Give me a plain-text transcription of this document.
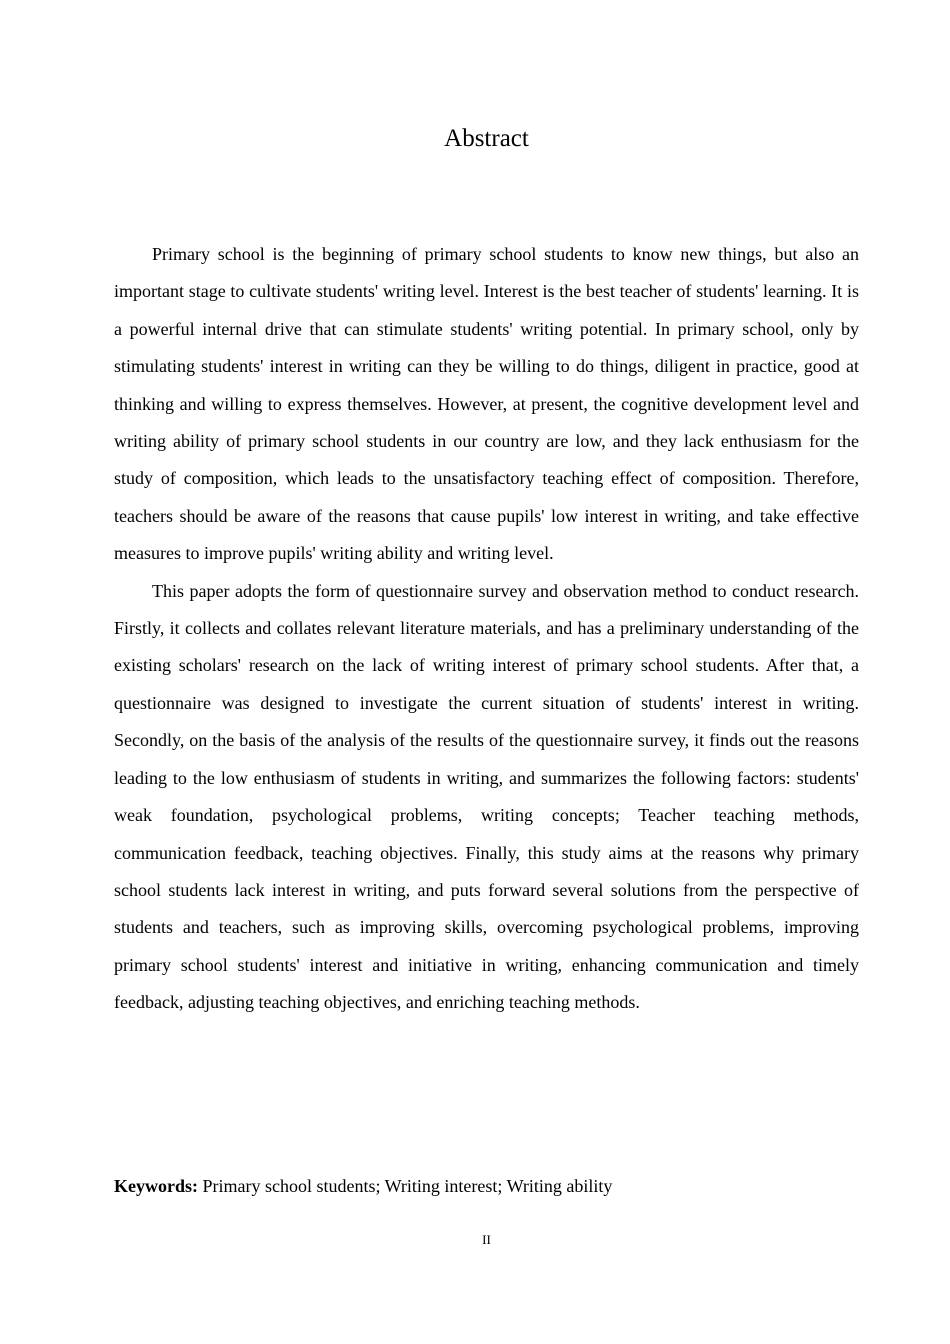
Abstract

Primary school is the beginning of primary school students to know new things, but also an important stage to cultivate students' writing level. Interest is the best teacher of students' learning. It is a powerful internal drive that can stimulate students' writing potential. In primary school, only by stimulating students' interest in writing can they be willing to do things, diligent in practice, good at thinking and willing to express themselves. However, at present, the cognitive development level and writing ability of primary school students in our country are low, and they lack enthusiasm for the study of composition, which leads to the unsatisfactory teaching effect of composition. Therefore, teachers should be aware of the reasons that cause pupils' low interest in writing, and take effective measures to improve pupils' writing ability and writing level.

This paper adopts the form of questionnaire survey and observation method to conduct research. Firstly, it collects and collates relevant literature materials, and has a preliminary understanding of the existing scholars' research on the lack of writing interest of primary school students. After that, a questionnaire was designed to investigate the current situation of students' interest in writing. Secondly, on the basis of the analysis of the results of the questionnaire survey, it finds out the reasons leading to the low enthusiasm of students in writing, and summarizes the following factors: students' weak foundation, psychological problems, writing concepts; Teacher teaching methods, communication feedback, teaching objectives. Finally, this study aims at the reasons why primary school students lack interest in writing, and puts forward several solutions from the perspective of students and teachers, such as improving skills, overcoming psychological problems, improving primary school students' interest and initiative in writing, enhancing communication and timely feedback, adjusting teaching objectives, and enriching teaching methods.

Keywords: Primary school students; Writing interest; Writing ability

II
